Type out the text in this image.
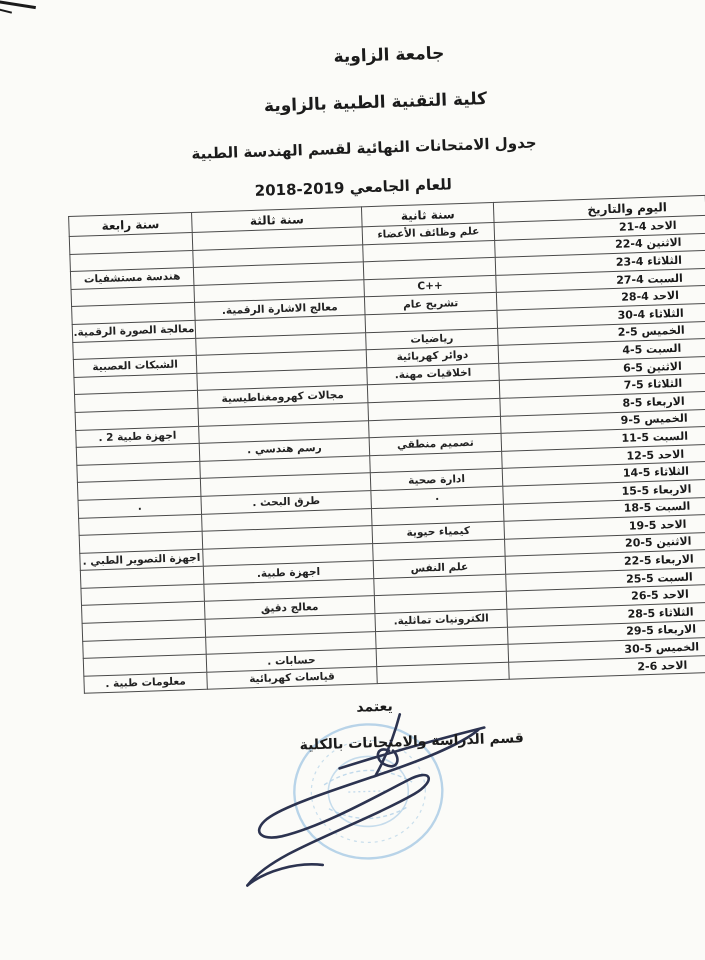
جامعة الزاوية
كلية التقنية الطبية بالزاوية
جدول الامتحانات النهائية لقسم الهندسة الطبية
للعام الجامعي 2019-2018
اليوم والتاريخ	سنة ثانية	سنة ثالثة	سنة رابعة
الاحد 4-21	علم وظائف الأعضاء		
الاثنين 4-22			
الثلاثاء 4-23			هندسة مستشفيات
السبت 4-27	C++		
الاحد 4-28	تشريح عام	معالج الاشارة الرقمية.	
الثلاثاء 4-30			معالجة الصورة الرقمية.
الخميس 5-2	رياضيات		
السبت 5-4	دوائر كهربائية		الشبكات العصبية
الاثنين 5-6	اخلاقيات مهنة.		
الثلاثاء 5-7		مجالات كهرومغناطيسية	
الاربعاء 5-8			
الخميس 5-9			اجهزة طبية 2 .
السبت 5-11	تصميم منطقي	رسم هندسي .	
الاحد 5-12			
الثلاثاء 5-14	ادارة صحية		
الاربعاء 5-15	.	طرق البحث .	.
السبت 5-18			
الاحد 5-19	كيمياء حيوية		
الاثنين 5-20			اجهزة التصوير الطبي .
الاربعاء 5-22	علم النفس	اجهزة طبية.	
السبت 5-25			
الاحد 5-26		معالج دقيق	
الثلاثاء 5-28	الكترونيات تماثلية.		
الاربعاء 5-29			
الخميس 5-30		حسابات .	
الاحد 6-2		قياسات كهربائية	معلومات طبية .
يعتمد
قسم الدراسة والامتحانات بالكلية
